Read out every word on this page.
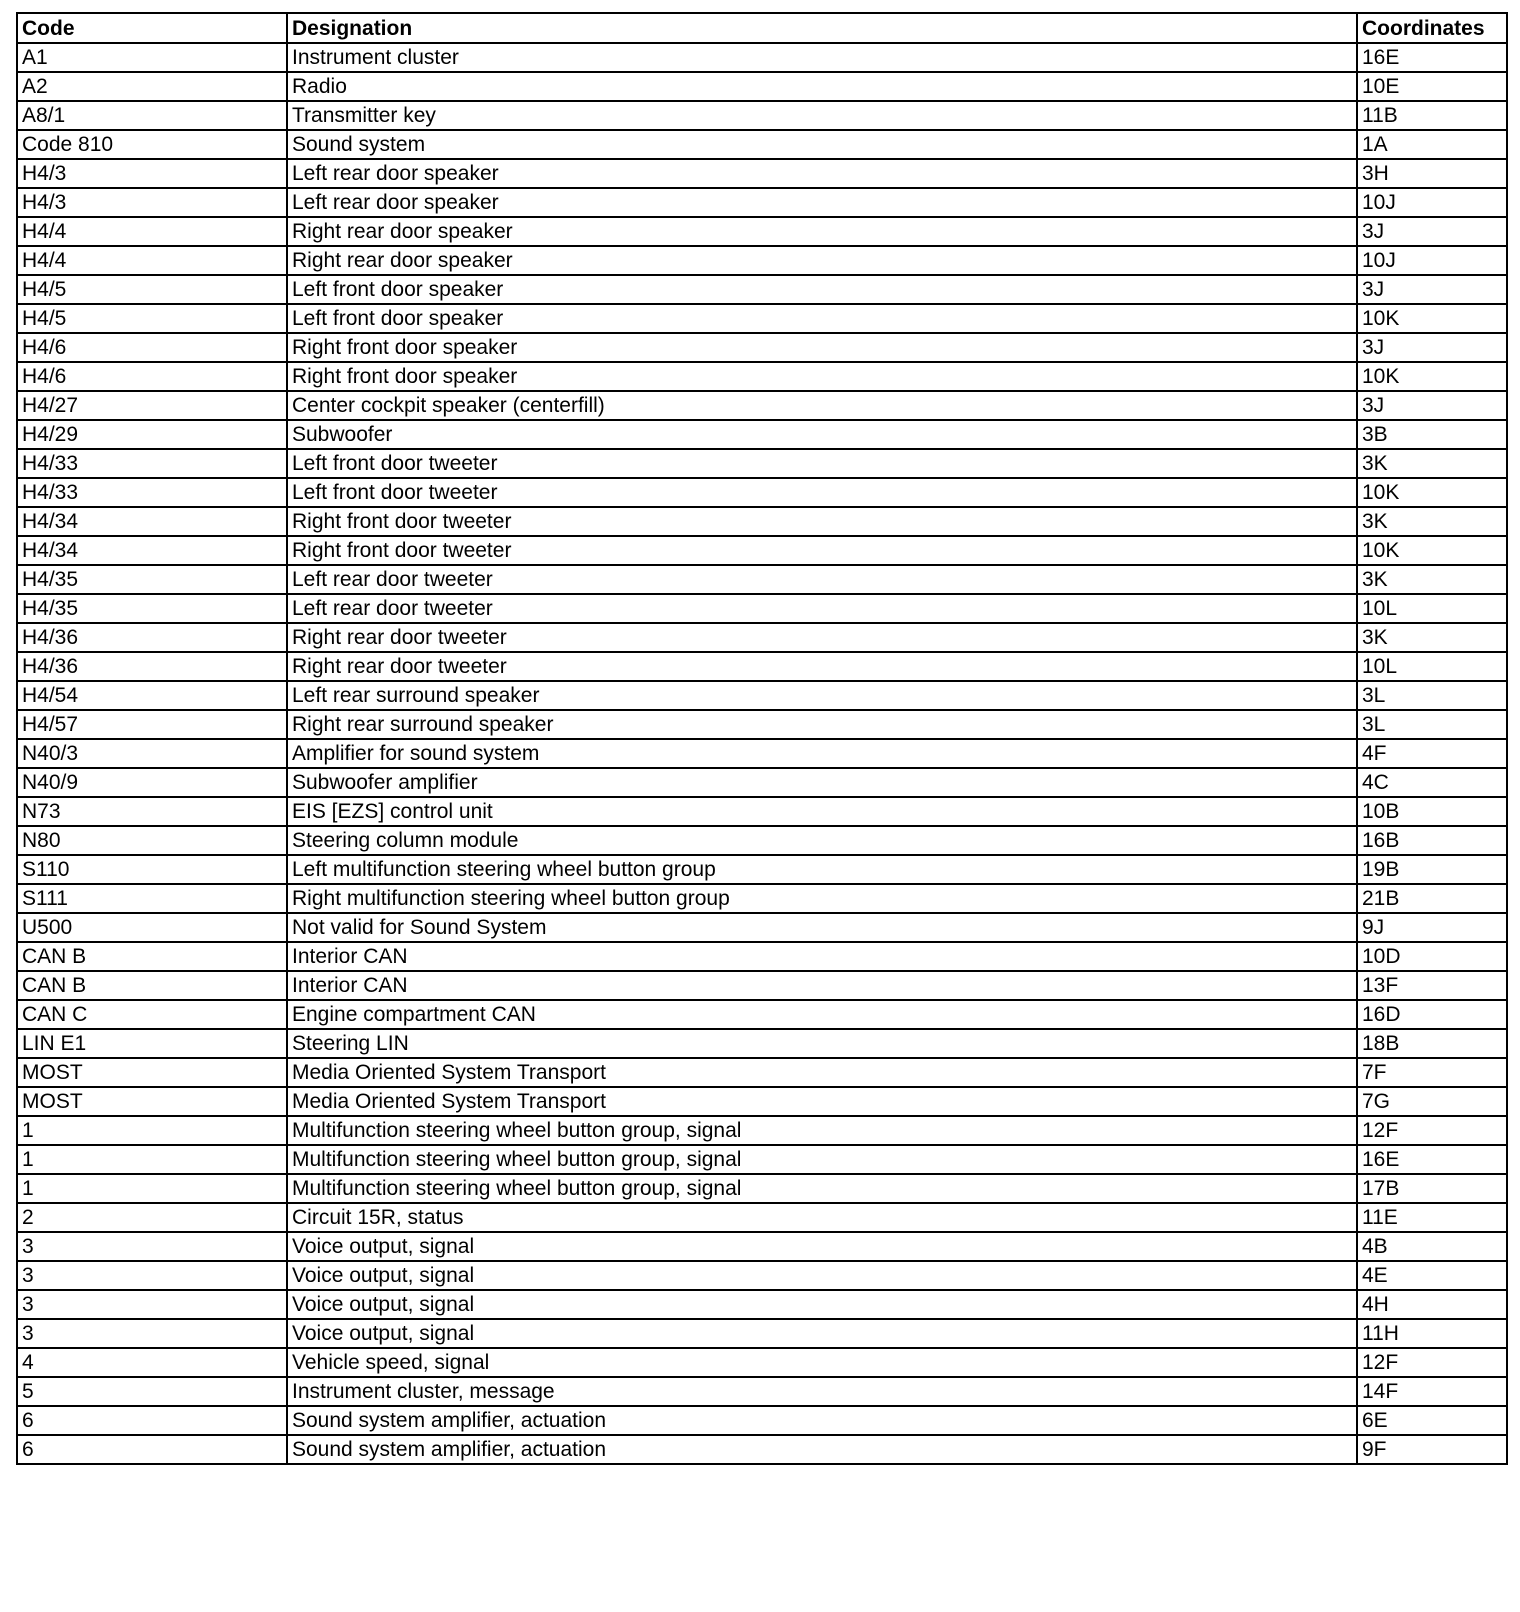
Code	Designation	Coordinates
A1	Instrument cluster	16E
A2	Radio	10E
A8/1	Transmitter key	11B
Code 810	Sound system	1A
H4/3	Left rear door speaker	3H
H4/3	Left rear door speaker	10J
H4/4	Right rear door speaker	3J
H4/4	Right rear door speaker	10J
H4/5	Left front door speaker	3J
H4/5	Left front door speaker	10K
H4/6	Right front door speaker	3J
H4/6	Right front door speaker	10K
H4/27	Center cockpit speaker (centerfill)	3J
H4/29	Subwoofer	3B
H4/33	Left front door tweeter	3K
H4/33	Left front door tweeter	10K
H4/34	Right front door tweeter	3K
H4/34	Right front door tweeter	10K
H4/35	Left rear door tweeter	3K
H4/35	Left rear door tweeter	10L
H4/36	Right rear door tweeter	3K
H4/36	Right rear door tweeter	10L
H4/54	Left rear surround speaker	3L
H4/57	Right rear surround speaker	3L
N40/3	Amplifier for sound system	4F
N40/9	Subwoofer amplifier	4C
N73	EIS [EZS] control unit	10B
N80	Steering column module	16B
S110	Left multifunction steering wheel button group	19B
S111	Right multifunction steering wheel button group	21B
U500	Not valid for Sound System	9J
CAN B	Interior CAN	10D
CAN B	Interior CAN	13F
CAN C	Engine compartment CAN	16D
LIN E1	Steering LIN	18B
MOST	Media Oriented System Transport	7F
MOST	Media Oriented System Transport	7G
1	Multifunction steering wheel button group, signal	12F
1	Multifunction steering wheel button group, signal	16E
1	Multifunction steering wheel button group, signal	17B
2	Circuit 15R, status	11E
3	Voice output, signal	4B
3	Voice output, signal	4E
3	Voice output, signal	4H
3	Voice output, signal	11H
4	Vehicle speed, signal	12F
5	Instrument cluster, message	14F
6	Sound system amplifier, actuation	6E
6	Sound system amplifier, actuation	9F
